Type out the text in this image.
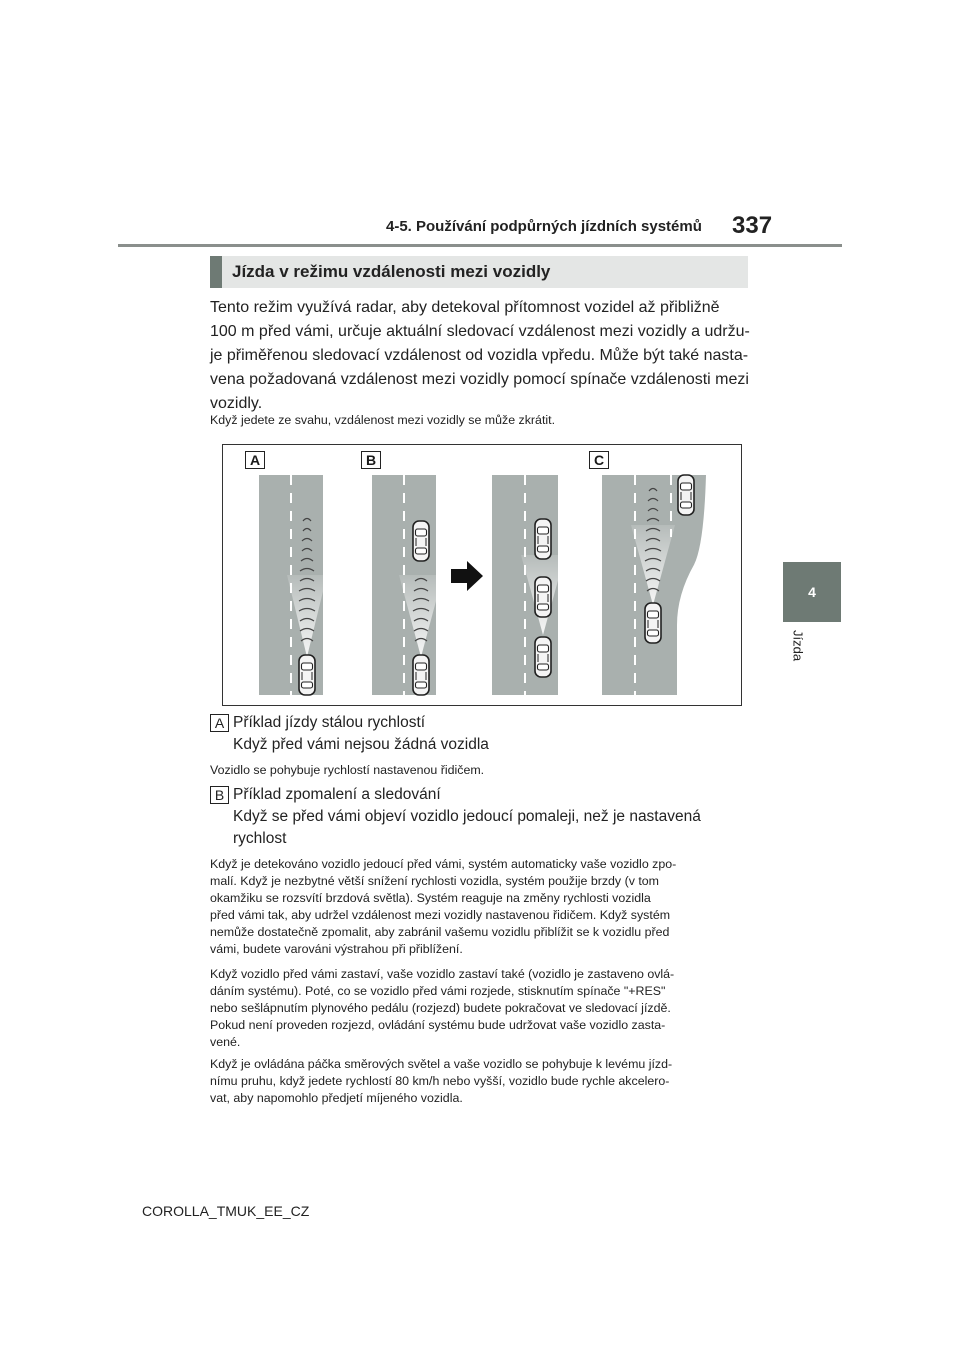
4-5. Používání podpůrných jízdních systémů 337
4
Jízda
Jízda v režimu vzdálenosti mezi vozidly
Tento režim využívá radar, aby detekoval přítomnost vozidel až přibližně
100 m před vámi, určuje aktuální sledovací vzdálenost mezi vozidly a udržu-
je přiměřenou sledovací vzdálenost od vozidla vpředu. Může být také nasta-
vena požadovaná vzdálenost mezi vozidly pomocí spínače vzdálenosti mezi
vozidly.
Když jedete ze svahu, vzdálenost mezi vozidly se může zkrátit.
A	B	C
A Příklad jízdy stálou rychlostí
Když před vámi nejsou žádná vozidla
Vozidlo se pohybuje rychlostí nastavenou řidičem.
B Příklad zpomalení a sledování
Když se před vámi objeví vozidlo jedoucí pomaleji, než je nastavená
rychlost
Když je detekováno vozidlo jedoucí před vámi, systém automaticky vaše vozidlo zpo-
malí. Když je nezbytné větší snížení rychlosti vozidla, systém použije brzdy (v tom
okamžiku se rozsvítí brzdová světla). Systém reaguje na změny rychlosti vozidla
před vámi tak, aby udržel vzdálenost mezi vozidly nastavenou řidičem. Když systém
nemůže dostatečně zpomalit, aby zabránil vašemu vozidlu přiblížit se k vozidlu před
vámi, budete varováni výstrahou při přiblížení.
Když vozidlo před vámi zastaví, vaše vozidlo zastaví také (vozidlo je zastaveno ovlá-
dáním systému). Poté, co se vozidlo před vámi rozjede, stisknutím spínače "+RES"
nebo sešlápnutím plynového pedálu (rozjezd) budete pokračovat ve sledovací jízdě.
Pokud není proveden rozjezd, ovládání systému bude udržovat vaše vozidlo zasta-
vené.
Když je ovládána páčka směrových světel a vaše vozidlo se pohybuje k levému jízd-
nímu pruhu, když jedete rychlostí 80 km/h nebo vyšší, vozidlo bude rychle akcelero-
vat, aby napomohlo předjetí míjeného vozidla.
COROLLA_TMUK_EE_CZ
